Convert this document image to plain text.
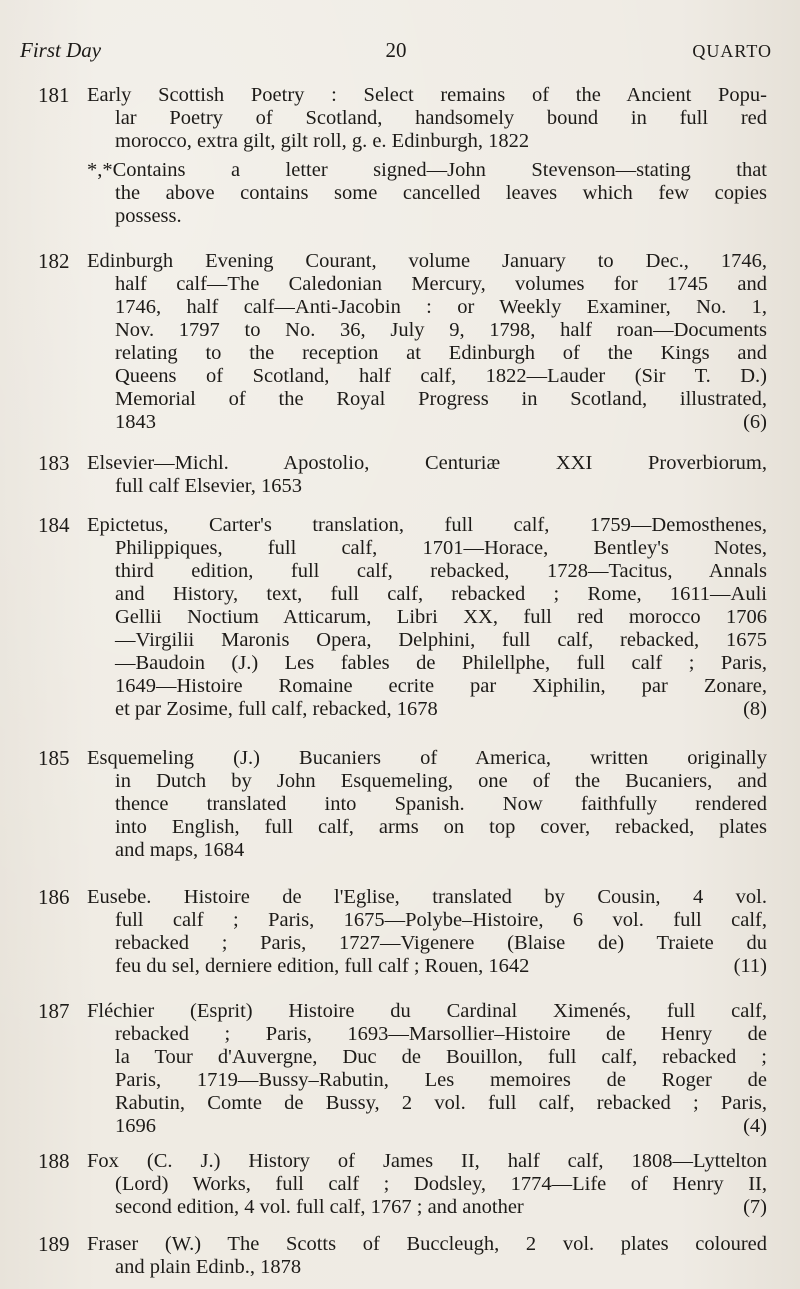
First Day	20	QUARTO
181 Early Scottish Poetry : Select remains of the Ancient Popu-
lar Poetry of Scotland, handsomely bound in full red
morocco, extra gilt, gilt roll, g. e. Edinburgh, 1822
*,*Contains a letter signed—John Stevenson—stating that
the above contains some cancelled leaves which few copies
possess.
182 Edinburgh Evening Courant, volume January to Dec., 1746,
half calf—The Caledonian Mercury, volumes for 1745 and
1746, half calf—Anti-Jacobin : or Weekly Examiner, No. 1,
Nov. 1797 to No. 36, July 9, 1798, half roan—Documents
relating to the reception at Edinburgh of the Kings and
Queens of Scotland, half calf, 1822—Lauder (Sir T. D.)
Memorial of the Royal Progress in Scotland, illustrated,
1843	(6)
183 Elsevier—Michl. Apostolio, Centuriæ XXI Proverbiorum,
full calf Elsevier, 1653
184 Epictetus, Carter's translation, full calf, 1759—Demosthenes,
Philippiques, full calf, 1701—Horace, Bentley's Notes,
third edition, full calf, rebacked, 1728—Tacitus, Annals
and History, text, full calf, rebacked ; Rome, 1611—Auli
Gellii Noctium Atticarum, Libri XX, full red morocco 1706
—Virgilii Maronis Opera, Delphini, full calf, rebacked, 1675
—Baudoin (J.) Les fables de Philellphe, full calf ; Paris,
1649—Histoire Romaine ecrite par Xiphilin, par Zonare,
et par Zosime, full calf, rebacked, 1678	(8)
185 Esquemeling (J.) Bucaniers of America, written originally
in Dutch by John Esquemeling, one of the Bucaniers, and
thence translated into Spanish. Now faithfully rendered
into English, full calf, arms on top cover, rebacked, plates
and maps, 1684
186 Eusebe. Histoire de l'Eglise, translated by Cousin, 4 vol.
full calf ; Paris, 1675—Polybe–Histoire, 6 vol. full calf,
rebacked ; Paris, 1727—Vigenere (Blaise de) Traiete du
feu du sel, derniere edition, full calf ; Rouen, 1642	(11)
187 Fléchier (Esprit) Histoire du Cardinal Ximenés, full calf,
rebacked ; Paris, 1693—Marsollier–Histoire de Henry de
la Tour d'Auvergne, Duc de Bouillon, full calf, rebacked ;
Paris, 1719—Bussy–Rabutin, Les memoires de Roger de
Rabutin, Comte de Bussy, 2 vol. full calf, rebacked ; Paris,
1696	(4)
188 Fox (C. J.) History of James II, half calf, 1808—Lyttelton
(Lord) Works, full calf ; Dodsley, 1774—Life of Henry II,
second edition, 4 vol. full calf, 1767 ; and another	(7)
189 Fraser (W.) The Scotts of Buccleugh, 2 vol. plates coloured
and plain Edinb., 1878
